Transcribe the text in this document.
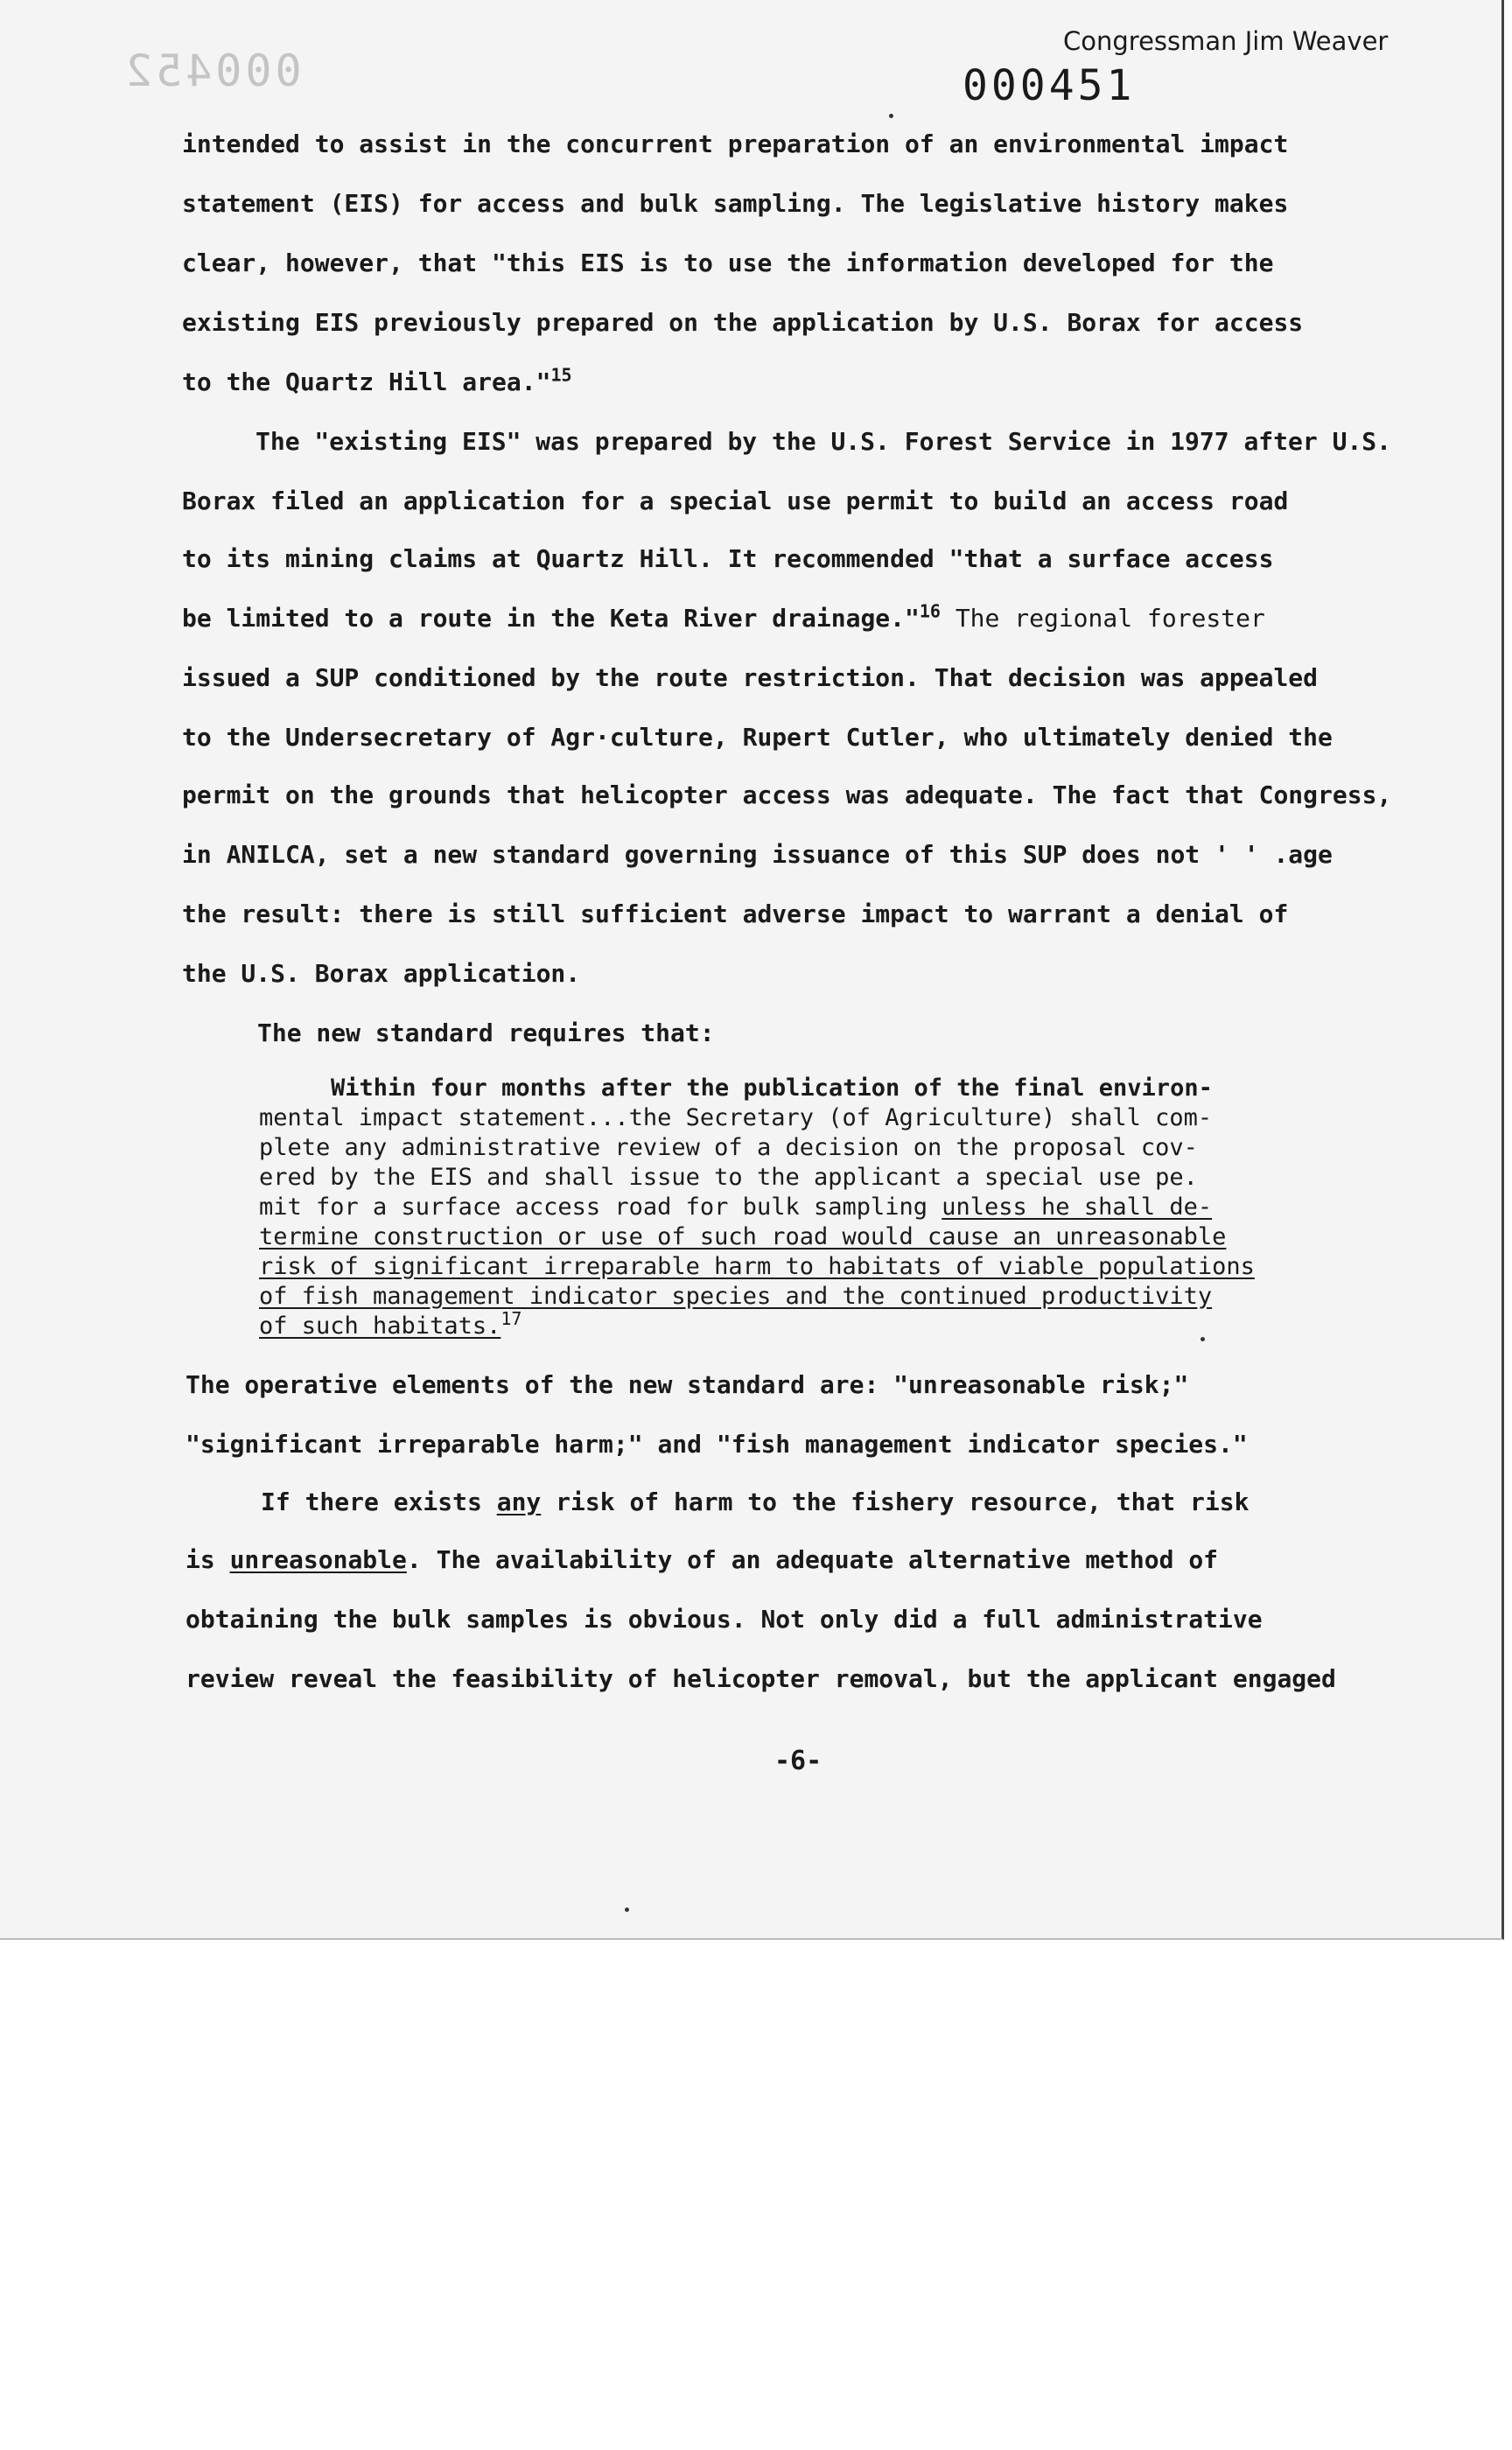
Congressman Jim Weaver
000452	000451
intended to assist in the concurrent preparation of an environmental impact
statement (EIS) for access and bulk sampling. The legislative history makes
clear, however, that "this EIS is to use the information developed for the
existing EIS previously prepared on the application by U.S. Borax for access
to the Quartz Hill area."$^{15}$
The "existing EIS" was prepared by the U.S. Forest Service in 1977 after U.S.
Borax filed an application for a special use permit to build an access road
to its mining claims at Quartz Hill. It recommended "that a surface access
be limited to a route in the Keta River drainage."$^{16}$ The regional forester
issued a SUP conditioned by the route restriction. That decision was appealed
to the Undersecretary of Agr·culture, Rupert Cutler, who ultimately denied the
permit on the grounds that helicopter access was adequate. The fact that Congress,
in ANILCA, set a new standard governing issuance of this SUP does not ' ' .age
the result: there is still sufficient adverse impact to warrant a denial of
the U.S. Borax application.
The new standard requires that:
Within four months after the publication of the final environ-
mental impact statement...the Secretary (of Agriculture) shall com-
plete any administrative review of a decision on the proposal cov-
ered by the EIS and shall issue to the applicant a special use pe.
mit for a surface access road for bulk sampling unless he shall de-
termine construction or use of such road would cause an unreasonable
risk of significant irreparable harm to habitats of viable populations
of fish management indicator species and the continued productivity
of such habitats.$^{17}$
The operative elements of the new standard are: "unreasonable risk;"
"significant irreparable harm;" and "fish management indicator species."
If there exists any risk of harm to the fishery resource, that risk
is unreasonable. The availability of an adequate alternative method of
obtaining the bulk samples is obvious. Not only did a full administrative
review reveal the feasibility of helicopter removal, but the applicant engaged
-6-
